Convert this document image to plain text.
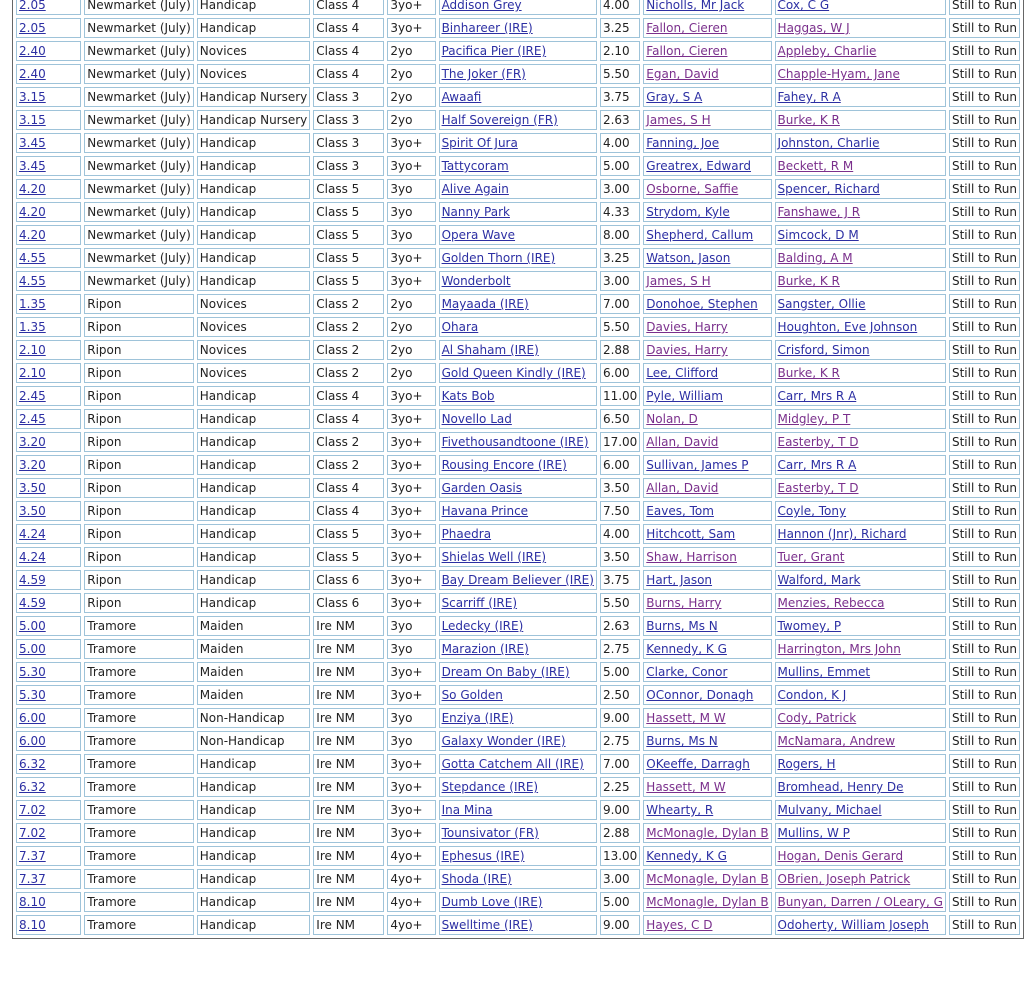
2.05	Newmarket (July)	Handicap	Class 4	3yo+	Addison Grey	4.00	Nicholls, Mr Jack	Cox, C G	Still to Run
2.05	Newmarket (July)	Handicap	Class 4	3yo+	Binhareer (IRE)	3.25	Fallon, Cieren	Haggas, W J	Still to Run
2.40	Newmarket (July)	Novices	Class 4	2yo	Pacifica Pier (IRE)	2.10	Fallon, Cieren	Appleby, Charlie	Still to Run
2.40	Newmarket (July)	Novices	Class 4	2yo	The Joker (FR)	5.50	Egan, David	Chapple-Hyam, Jane	Still to Run
3.15	Newmarket (July)	Handicap Nursery	Class 3	2yo	Awaafi	3.75	Gray, S A	Fahey, R A	Still to Run
3.15	Newmarket (July)	Handicap Nursery	Class 3	2yo	Half Sovereign (FR)	2.63	James, S H	Burke, K R	Still to Run
3.45	Newmarket (July)	Handicap	Class 3	3yo+	Spirit Of Jura	4.00	Fanning, Joe	Johnston, Charlie	Still to Run
3.45	Newmarket (July)	Handicap	Class 3	3yo+	Tattycoram	5.00	Greatrex, Edward	Beckett, R M	Still to Run
4.20	Newmarket (July)	Handicap	Class 5	3yo	Alive Again	3.00	Osborne, Saffie	Spencer, Richard	Still to Run
4.20	Newmarket (July)	Handicap	Class 5	3yo	Nanny Park	4.33	Strydom, Kyle	Fanshawe, J R	Still to Run
4.20	Newmarket (July)	Handicap	Class 5	3yo	Opera Wave	8.00	Shepherd, Callum	Simcock, D M	Still to Run
4.55	Newmarket (July)	Handicap	Class 5	3yo+	Golden Thorn (IRE)	3.25	Watson, Jason	Balding, A M	Still to Run
4.55	Newmarket (July)	Handicap	Class 5	3yo+	Wonderbolt	3.00	James, S H	Burke, K R	Still to Run
1.35	Ripon	Novices	Class 2	2yo	Mayaada (IRE)	7.00	Donohoe, Stephen	Sangster, Ollie	Still to Run
1.35	Ripon	Novices	Class 2	2yo	Ohara	5.50	Davies, Harry	Houghton, Eve Johnson	Still to Run
2.10	Ripon	Novices	Class 2	2yo	Al Shaham (IRE)	2.88	Davies, Harry	Crisford, Simon	Still to Run
2.10	Ripon	Novices	Class 2	2yo	Gold Queen Kindly (IRE)	6.00	Lee, Clifford	Burke, K R	Still to Run
2.45	Ripon	Handicap	Class 4	3yo+	Kats Bob	11.00	Pyle, William	Carr, Mrs R A	Still to Run
2.45	Ripon	Handicap	Class 4	3yo+	Novello Lad	6.50	Nolan, D	Midgley, P T	Still to Run
3.20	Ripon	Handicap	Class 2	3yo+	Fivethousandtoone (IRE)	17.00	Allan, David	Easterby, T D	Still to Run
3.20	Ripon	Handicap	Class 2	3yo+	Rousing Encore (IRE)	6.00	Sullivan, James P	Carr, Mrs R A	Still to Run
3.50	Ripon	Handicap	Class 4	3yo+	Garden Oasis	3.50	Allan, David	Easterby, T D	Still to Run
3.50	Ripon	Handicap	Class 4	3yo+	Havana Prince	7.50	Eaves, Tom	Coyle, Tony	Still to Run
4.24	Ripon	Handicap	Class 5	3yo+	Phaedra	4.00	Hitchcott, Sam	Hannon (Jnr), Richard	Still to Run
4.24	Ripon	Handicap	Class 5	3yo+	Shielas Well (IRE)	3.50	Shaw, Harrison	Tuer, Grant	Still to Run
4.59	Ripon	Handicap	Class 6	3yo+	Bay Dream Believer (IRE)	3.75	Hart, Jason	Walford, Mark	Still to Run
4.59	Ripon	Handicap	Class 6	3yo+	Scarriff (IRE)	5.50	Burns, Harry	Menzies, Rebecca	Still to Run
5.00	Tramore	Maiden	Ire NM	3yo	Ledecky (IRE)	2.63	Burns, Ms N	Twomey, P	Still to Run
5.00	Tramore	Maiden	Ire NM	3yo	Marazion (IRE)	2.75	Kennedy, K G	Harrington, Mrs John	Still to Run
5.30	Tramore	Maiden	Ire NM	3yo+	Dream On Baby (IRE)	5.00	Clarke, Conor	Mullins, Emmet	Still to Run
5.30	Tramore	Maiden	Ire NM	3yo+	So Golden	2.50	OConnor, Donagh	Condon, K J	Still to Run
6.00	Tramore	Non-Handicap	Ire NM	3yo	Enziya (IRE)	9.00	Hassett, M W	Cody, Patrick	Still to Run
6.00	Tramore	Non-Handicap	Ire NM	3yo	Galaxy Wonder (IRE)	2.75	Burns, Ms N	McNamara, Andrew	Still to Run
6.32	Tramore	Handicap	Ire NM	3yo+	Gotta Catchem All (IRE)	7.00	OKeeffe, Darragh	Rogers, H	Still to Run
6.32	Tramore	Handicap	Ire NM	3yo+	Stepdance (IRE)	2.25	Hassett, M W	Bromhead, Henry De	Still to Run
7.02	Tramore	Handicap	Ire NM	3yo+	Ina Mina	9.00	Whearty, R	Mulvany, Michael	Still to Run
7.02	Tramore	Handicap	Ire NM	3yo+	Tounsivator (FR)	2.88	McMonagle, Dylan B	Mullins, W P	Still to Run
7.37	Tramore	Handicap	Ire NM	4yo+	Ephesus (IRE)	13.00	Kennedy, K G	Hogan, Denis Gerard	Still to Run
7.37	Tramore	Handicap	Ire NM	4yo+	Shoda (IRE)	3.00	McMonagle, Dylan B	OBrien, Joseph Patrick	Still to Run
8.10	Tramore	Handicap	Ire NM	4yo+	Dumb Love (IRE)	5.00	McMonagle, Dylan B	Bunyan, Darren / OLeary, G	Still to Run
8.10	Tramore	Handicap	Ire NM	4yo+	Swelltime (IRE)	9.00	Hayes, C D	Odoherty, William Joseph	Still to Run
